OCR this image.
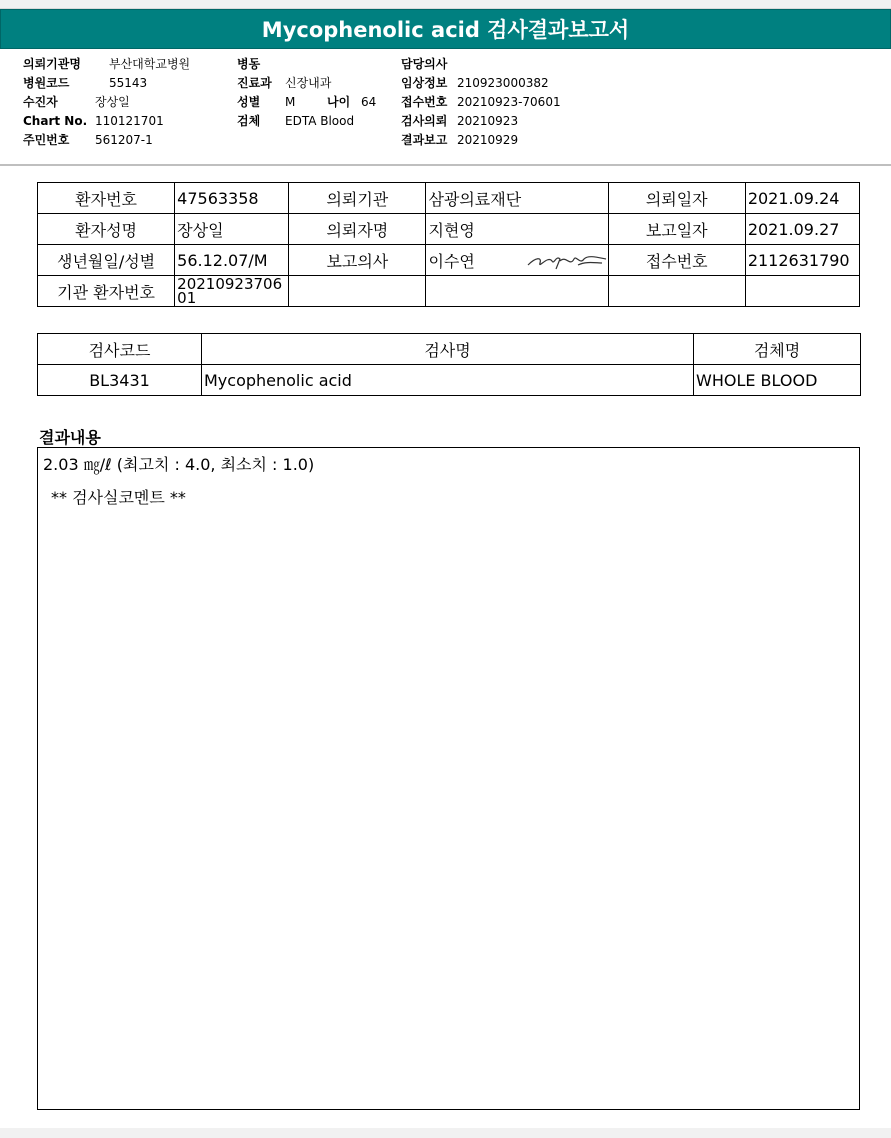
Mycophenolic acid 검사결과보고서
의뢰기관명 부산대학교병원
병원코드	55143
수진자	장상일
Chart No. 110121701
주민번호 561207-1
병동
진료과 신장내과
성별 M	나이 64
검체 EDTA Blood
담당의사
임상정보 210923000382
접수번호 20210923-70601
검사의뢰 20210923
결과보고 20210929
환자번호	47563358	의뢰기관	삼광의료재단	의뢰일자	2021.09.24
환자성명	장상일	의뢰자명	지현영	보고일자	2021.09.27
생년월일/성별	56.12.07/M	보고의사	이수연	접수번호	2112631790
기관 환자번호	20210923706
01				
검사코드	검사명	검체명
BL3431	Mycophenolic acid	WHOLE BLOOD
결과내용
2.03 ㎎/ℓ (최고치 : 4.0, 최소치 : 1.0)
** 검사실코멘트 **
